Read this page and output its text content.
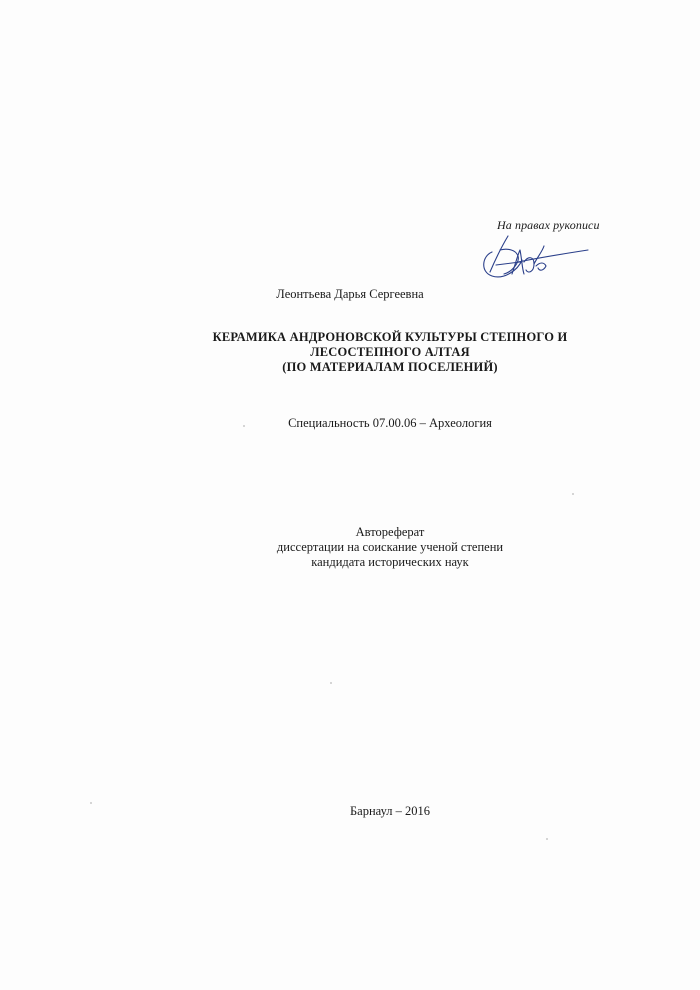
На правах рукописи
Леонтьева Дарья Сергеевна
КЕРАМИКА АНДРОНОВСКОЙ КУЛЬТУРЫ СТЕПНОГО И
ЛЕСОСТЕПНОГО АЛТАЯ
(ПО МАТЕРИАЛАМ ПОСЕЛЕНИЙ)
Специальность 07.00.06 – Археология
Автореферат
диссертации на соискание ученой степени
кандидата исторических наук
Барнаул – 2016
